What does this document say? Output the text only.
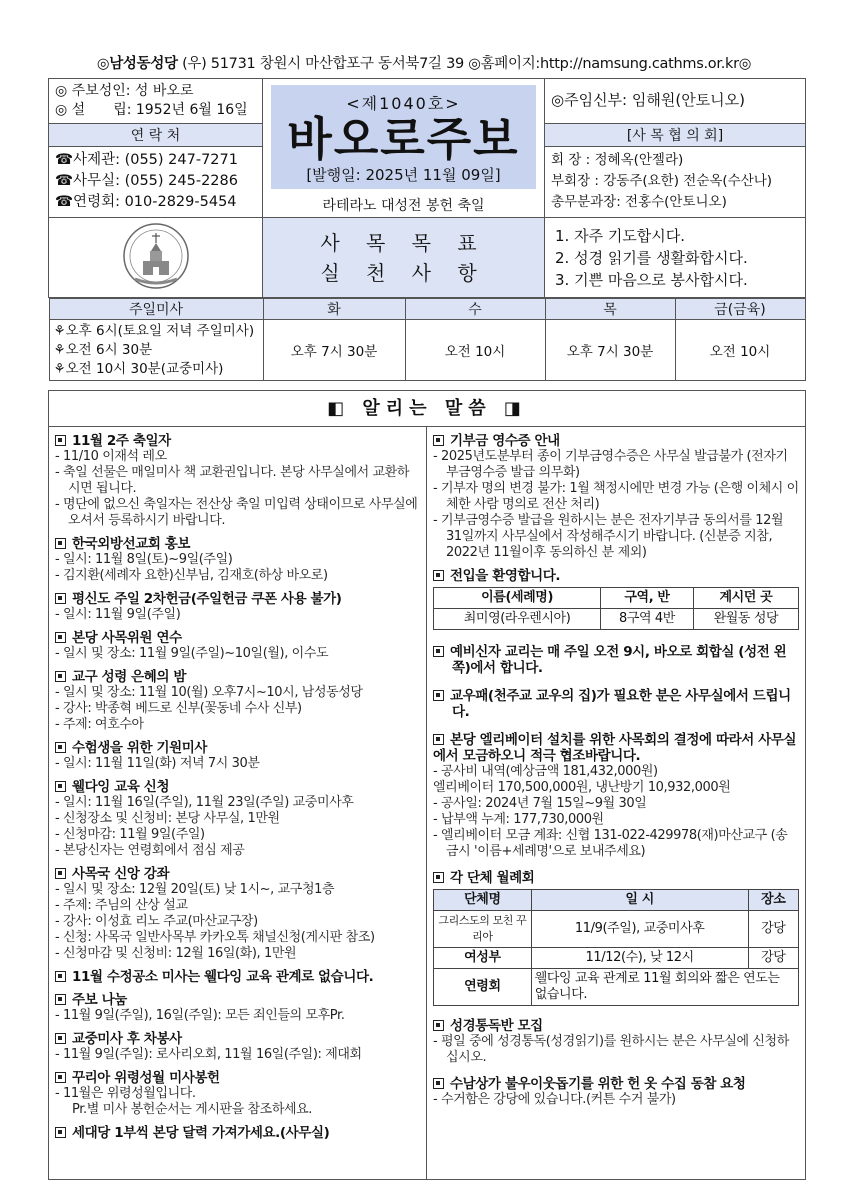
◎남성동성당 (우) 51731 창원시 마산합포구 동서북7길 39 ◎홈페이지:http://namsung.cathms.or.kr◎
◎ 주보성인: 성 바오로
◎ 설　　립: 1952년 6월 16일	<제1040호>
바오로주보
[발행일: 2025년 11월 09일]
라테라노 대성전 봉헌 축일
	◎주임신부: 임해원(안토니오)
연 락 처	[사 목 협 의 회]

☎사제관: (055) 247-7271
☎사무실: (055) 245-2286
☎연령회: 010-2829-5454

회 장 : 정혜옥(안젤라)
부회장 : 강동주(요한) 전순옥(수산나)
총무분과장: 전홍수(안토니오)

사 목 목 표
실 천 사 항

1. 자주 기도합시다.
2. 성경 읽기를 생활화합시다.
3. 기쁜 마음으로 봉사합시다.

주일미사	화	수	목	금(금육)

⚘오후 6시(토요일 저녁 주일미사)
⚘오전 6시 30분
⚘오전 10시 30분(교중미사)
	오후 7시 30분	오전 10시	오후 7시 30분	오전 10시
◧ 알리는 말씀 ◨
11월 2주 축일자
- 11/10 이재석 레오
- 축일 선물은 매일미사 책 교환권입니다. 본당 사무실에서 교환하시면 됩니다.
- 명단에 없으신 축일자는 전산상 축일 미입력 상태이므로 사무실에 오셔서 등록하시기 바랍니다.
한국외방선교회 홍보
- 일시: 11월 8일(토)~9일(주일)
- 김지환(세례자 요한)신부님, 김재호(하상 바오로)
평신도 주일 2차헌금(주일헌금 쿠폰 사용 불가)
- 일시: 11월 9일(주일)
본당 사목위원 연수
- 일시 및 장소: 11월 9일(주일)~10일(월), 이수도
교구 성령 은혜의 밤
- 일시 및 장소: 11월 10(월) 오후7시~10시, 남성동성당
- 강사: 박종혁 베드로 신부(꽃동네 수사 신부)
- 주제: 여호수아
수험생을 위한 기원미사
- 일시: 11월 11일(화) 저녁 7시 30분
웰다잉 교육 신청
- 일시: 11월 16일(주일), 11월 23일(주일) 교중미사후
- 신청장소 및 신청비: 본당 사무실, 1만원
- 신청마감: 11월 9일(주일)
- 본당신자는 연령회에서 점심 제공
사목국 신앙 강좌
- 일시 및 장소: 12월 20일(토) 낮 1시~, 교구청1층
- 주제: 주님의 산상 설교
- 강사: 이성효 리노 주교(마산교구장)
- 신청: 사목국 일반사목부 카카오톡 채널신청(게시판 참조)
- 신청마감 및 신청비: 12월 16일(화), 1만원
11월 수정공소 미사는 웰다잉 교육 관계로 없습니다.
주보 나눔
- 11월 9일(주일), 16일(주일): 모든 죄인들의 모후Pr.
교중미사 후 차봉사
- 11월 9일(주일): 로사리오회, 11월 16일(주일): 제대회
꾸리아 위령성월 미사봉헌
- 11월은 위령성월입니다.
Pr.별 미사 봉헌순서는 게시판을 참조하세요.
세대당 1부씩 본당 달력 가져가세요.(사무실)
기부금 영수증 안내
- 2025년도분부터 종이 기부금영수증은 사무실 발급불가 (전자기부금영수증 발급 의무화)
- 기부자 명의 변경 불가: 1월 책정시에만 변경 가능 (은행 이체시 이체한 사람 명의로 전산 처리)
- 기부금영수증 발급을 원하시는 분은 전자기부금 동의서를 12월 31일까지 사무실에서 작성해주시기 바랍니다. (신분증 지참, 2022년 11월이후 동의하신 분 제외)
전입을 환영합니다.
이름(세례명)	구역, 반	계시던 곳
최미영(라우렌시아)	8구역 4반	완월동 성당
예비신자 교리는 매 주일 오전 9시, 바오로 회합실 (성전 왼쪽)에서 합니다.
교우패(천주교 교우의 집)가 필요한 분은 사무실에서 드립니다.
본당 엘리베이터 설치를 위한 사목회의 결정에 따라서 사무실에서 모금하오니 적극 협조바랍니다.
- 공사비 내역(예상금액 181,432,000원)
엘리베이터 170,500,000원, 냉난방기 10,932,000원
- 공사일: 2024년 7월 15일~9월 30일
- 납부액 누계: 177,730,000원
- 엘리베이터 모금 계좌: 신협 131-022-429978(재)마산교구 (송금시 '이름+세례명'으로 보내주세요)
각 단체 월례회
단체명	일 시	장소
그리스도의 모친 꾸리아	11/9(주일), 교중미사후	강당
여성부	11/12(수), 낮 12시	강당
연령회	웰다잉 교육 관계로 11월 회의와 짧은 연도는 없습니다.	
성경통독반 모집
- 평일 중에 성경통독(성경읽기)를 원하시는 분은 사무실에 신청하십시오.
수남상가 불우이웃돕기를 위한 헌 옷 수집 동참 요청
- 수거함은 강당에 있습니다.(커튼 수거 불가)
